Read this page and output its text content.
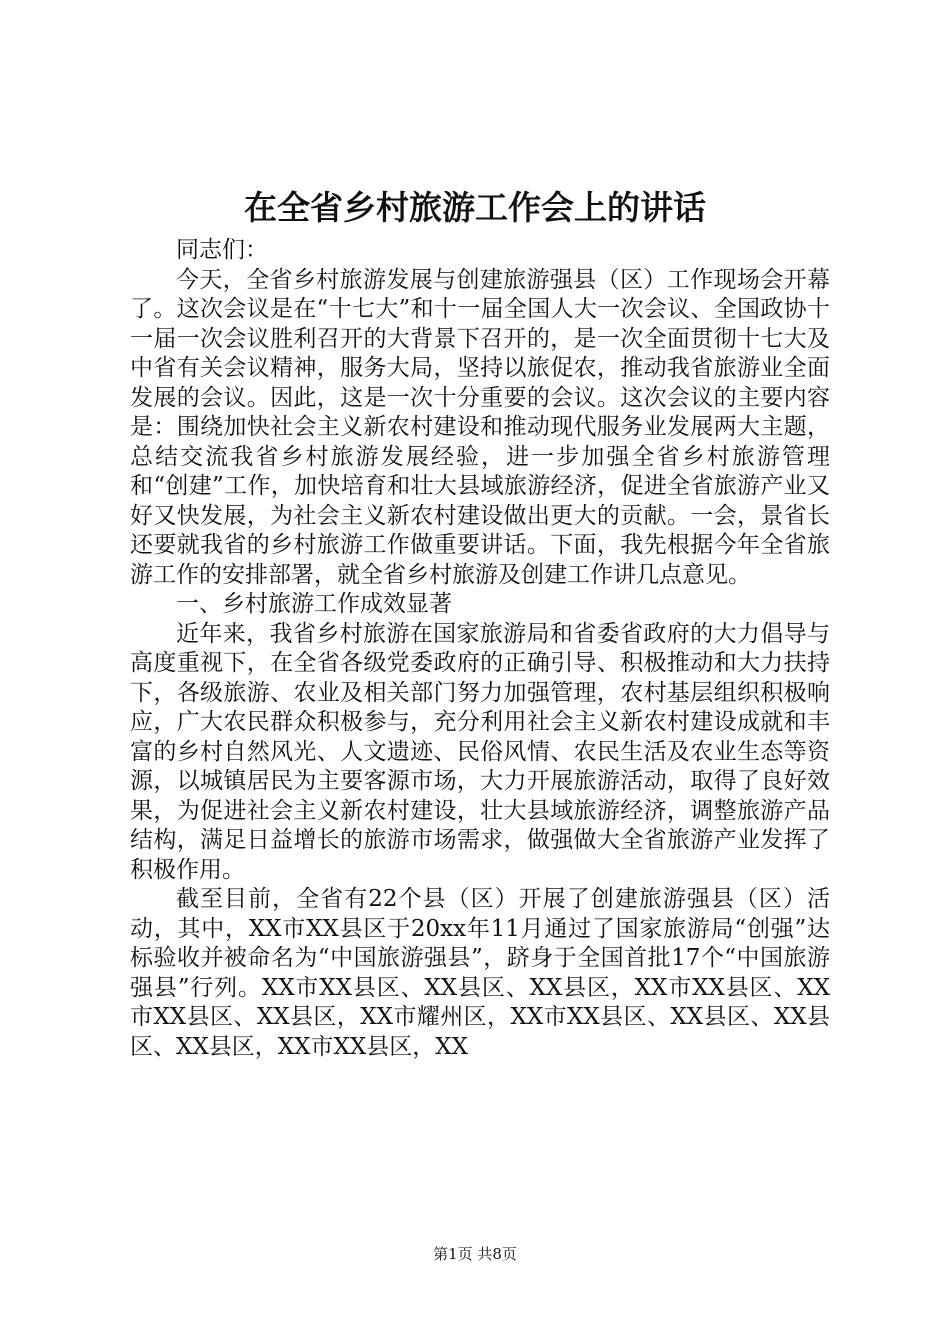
在全省乡村旅游工作会上的讲话

同志们：

今天，全省乡村旅游发展与创建旅游强县（区）工作现场会开幕了。这次会议是在“十七大”和十一届全国人大一次会议、全国政协十一届一次会议胜利召开的大背景下召开的，是一次全面贯彻十七大及中省有关会议精神，服务大局，坚持以旅促农，推动我省旅游业全面发展的会议。因此，这是一次十分重要的会议。这次会议的主要内容是：围绕加快社会主义新农村建设和推动现代服务业发展两大主题，总结交流我省乡村旅游发展经验，进一步加强全省乡村旅游管理和“创建”工作，加快培育和壮大县域旅游经济，促进全省旅游产业又好又快发展，为社会主义新农村建设做出更大的贡献。一会，景省长还要就我省的乡村旅游工作做重要讲话。下面，我先根据今年全省旅游工作的安排部署，就全省乡村旅游及创建工作讲几点意见。

一、乡村旅游工作成效显著

近年来，我省乡村旅游在国家旅游局和省委省政府的大力倡导与高度重视下，在全省各级党委政府的正确引导、积极推动和大力扶持下，各级旅游、农业及相关部门努力加强管理，农村基层组织积极响应，广大农民群众积极参与，充分利用社会主义新农村建设成就和丰富的乡村自然风光、人文遗迹、民俗风情、农民生活及农业生态等资源，以城镇居民为主要客源市场，大力开展旅游活动，取得了良好效果，为促进社会主义新农村建设，壮大县域旅游经济，调整旅游产品结构，满足日益增长的旅游市场需求，做强做大全省旅游产业发挥了积极作用。

截至目前，全省有22个县（区）开展了创建旅游强县（区）活动，其中，XX市XX县区于20xx年11月通过了国家旅游局“创强”达标验收并被命名为“中国旅游强县”，跻身于全国首批17个“中国旅游强县”行列。XX市XX县区、XX县区、XX县区，XX市XX县区、XX市XX县区、XX县区，XX市耀州区，XX市XX县区、XX县区、XX县区、XX县区，XX市XX县区，XX

第1页 共8页
